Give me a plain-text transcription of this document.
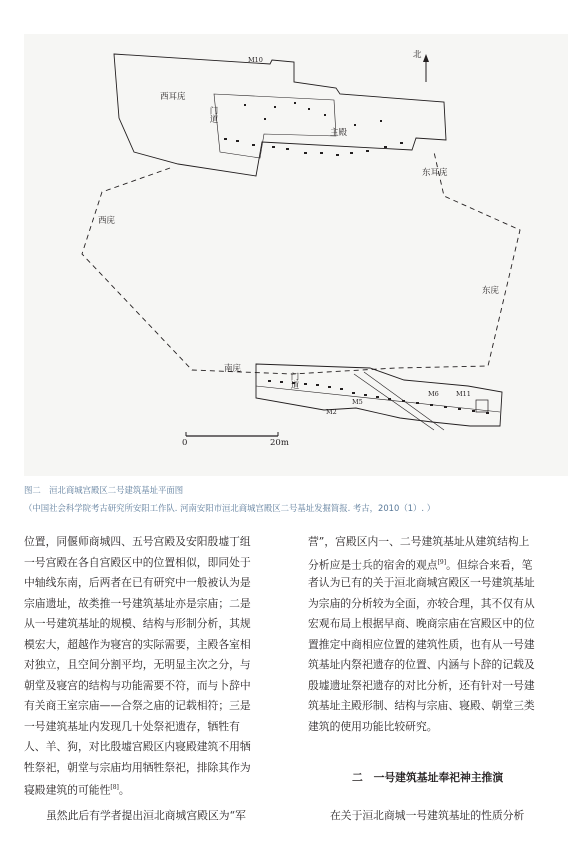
北
M10
西耳庑
门道
主殿
东耳庑
西庑
东庑
南庑
门道
M6	M11
M5
M2
0	20m
图二　洹北商城宫殿区二号建筑基址平面图
（中国社会科学院考古研究所安阳工作队. 河南安阳市洹北商城宫殿区二号基址发掘简报. 考古，2010（1）. ）
位置，同偃师商城四、五号宫殿及安阳殷墟丁组
一号宫殿在各自宫殿区中的位置相似，即同处于
中轴线东南，后两者在已有研究中一般被认为是
宗庙遗址，故类推一号建筑基址亦是宗庙；二是
从一号建筑基址的规模、结构与形制分析，其规
模宏大，超越作为寝宫的实际需要，主殿各室相
对独立，且空间分割平均，无明显主次之分，与
朝堂及寝宫的结构与功能需要不符，而与卜辞中
有关商王室宗庙——合祭之庙的记载相符；三是
一号建筑基址内发现几十处祭祀遗存，牺牲有
人、羊、狗，对比殷墟宫殿区内寝殿建筑不用牺
牲祭祀，朝堂与宗庙均用牺牲祭祀，排除其作为
寝殿建筑的可能性[8]。
营”，宫殿区内一、二号建筑基址从建筑结构上
分析应是士兵的宿舍的观点[9]。但综合来看，笔
者认为已有的关于洹北商城宫殿区一号建筑基址
为宗庙的分析较为全面，亦较合理，其不仅有从
宏观布局上根据早商、晚商宗庙在宫殿区中的位
置推定中商相应位置的建筑性质，也有从一号建
筑基址内祭祀遗存的位置、内涵与卜辞的记载及
殷墟遗址祭祀遗存的对比分析，还有针对一号建
筑基址主殿形制、结构与宗庙、寝殿、朝堂三类
建筑的使用功能比较研究。
二　一号建筑基址奉祀神主推演
虽然此后有学者提出洹北商城宫殿区为“军	在关于洹北商城一号建筑基址的性质分析
